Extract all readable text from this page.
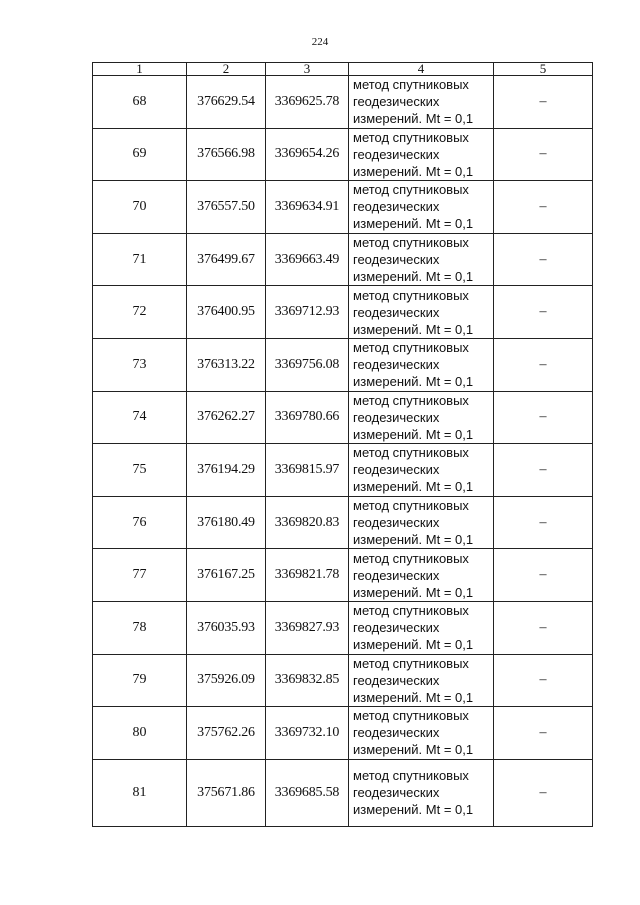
224
1	2	3	4	5
68	376629.54	3369625.78	метод спутниковых
геодезических
измерений. Mt = 0,1	–
69	376566.98	3369654.26	метод спутниковых
геодезических
измерений. Mt = 0,1	–
70	376557.50	3369634.91	метод спутниковых
геодезических
измерений. Mt = 0,1	–
71	376499.67	3369663.49	метод спутниковых
геодезических
измерений. Mt = 0,1	–
72	376400.95	3369712.93	метод спутниковых
геодезических
измерений. Mt = 0,1	–
73	376313.22	3369756.08	метод спутниковых
геодезических
измерений. Mt = 0,1	–
74	376262.27	3369780.66	метод спутниковых
геодезических
измерений. Mt = 0,1	–
75	376194.29	3369815.97	метод спутниковых
геодезических
измерений. Mt = 0,1	–
76	376180.49	3369820.83	метод спутниковых
геодезических
измерений. Mt = 0,1	–
77	376167.25	3369821.78	метод спутниковых
геодезических
измерений. Mt = 0,1	–
78	376035.93	3369827.93	метод спутниковых
геодезических
измерений. Mt = 0,1	–
79	375926.09	3369832.85	метод спутниковых
геодезических
измерений. Mt = 0,1	–
80	375762.26	3369732.10	метод спутниковых
геодезических
измерений. Mt = 0,1	–
81	375671.86	3369685.58	метод спутниковых
геодезических
измерений. Mt = 0,1	–
